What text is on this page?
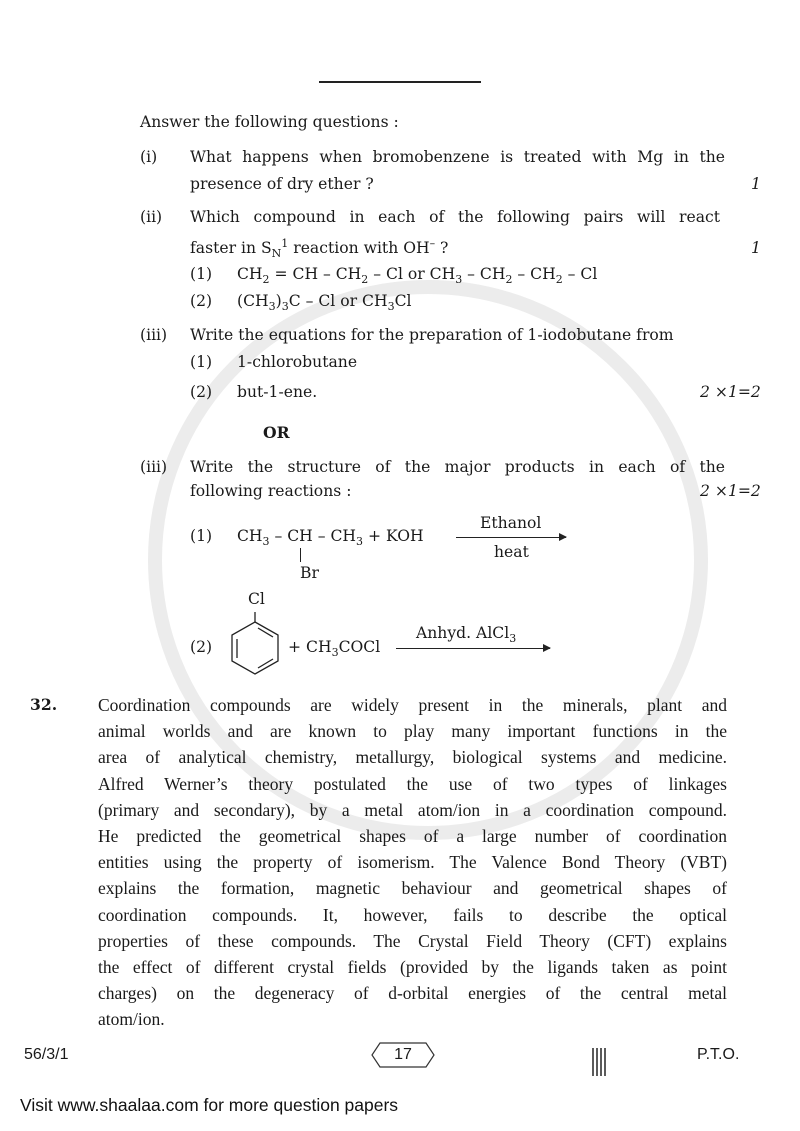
Answer the following questions :
(i) What happens when bromobenzene is treated with Mg in the
presence of dry ether ?	1
(ii) Which compound in each of the following pairs will react
faster in $S_N^1$ reaction with OH– ?	1
(1) $CH_2$ = CH – $CH_2$ – Cl or $CH_3 - CH_2 - CH_2$ – Cl
(2) $(CH_3)_3C$ – Cl or $CH_3Cl$
(iii) Write the equations for the preparation of 1-iodobutane from
(1) 1-chlorobutane
(2) but-1-ene.	2 ×1=2
OR
(iii) Write the structure of the major products in each of the
following reactions :	2 ×1=2
(1) $CH_3$ – CH – $CH_3$ + KOH
Br
Ethanol
heat
Cl
(2)	+ $CH_3COCl$
Anhyd. AlCl$_3$
32. Coordination compounds are widely present in the minerals, plant and
animal worlds and are known to play many important functions in the
area of analytical chemistry, metallurgy, biological systems and medicine.
Alfred Werner’s theory postulated the use of two types of linkages
(primary and secondary), by a metal atom/ion in a coordination compound.
He predicted the geometrical shapes of a large number of coordination
entities using the property of isomerism. The Valence Bond Theory (VBT)
explains the formation, magnetic behaviour and geometrical shapes of
coordination compounds. It, however, fails to describe the optical
properties of these compounds. The Crystal Field Theory (CFT) explains
the effect of different crystal fields (provided by the ligands taken as point
charges) on the degeneracy of d-orbital energies of the central metal
atom/ion.
56/3/1	17	P.T.O.
Visit www.shaalaa.com for more question papers
